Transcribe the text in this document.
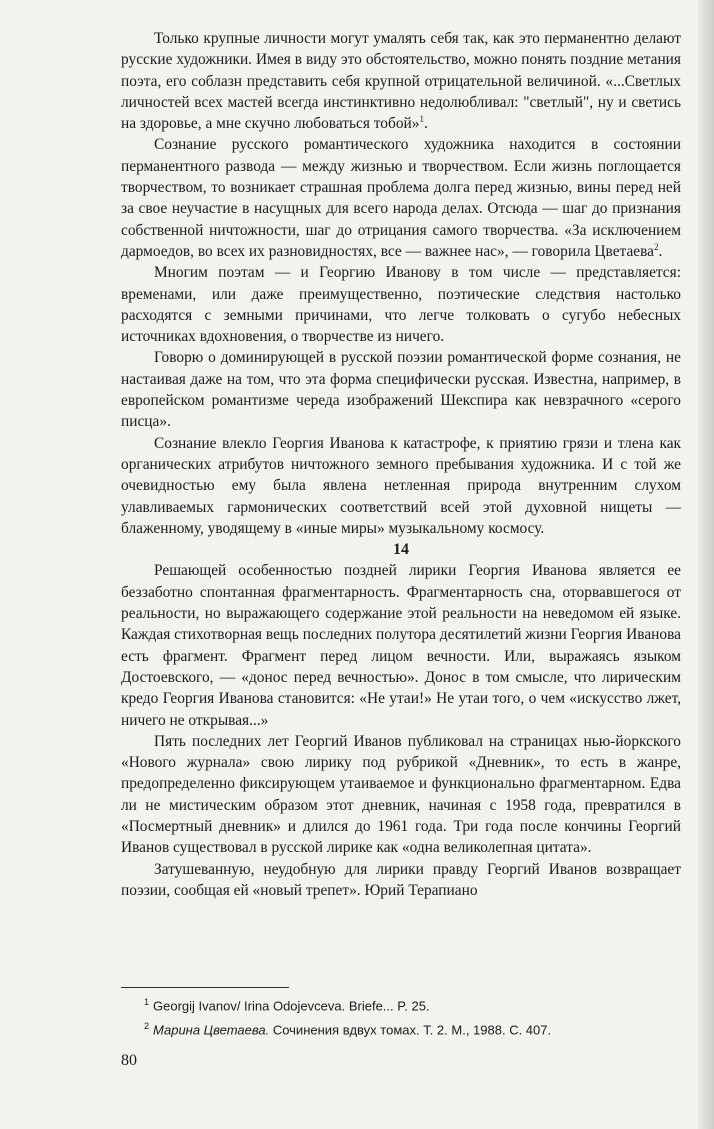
Только крупные личности могут умалять себя так, как это перманентно делают русские художники. Имея в виду это обстоятельство, можно понять поздние метания поэта, его соблазн представить себя крупной отрицательной величиной. «...Светлых личностей всех мастей всегда инстинктивно недолюбливал: "светлый", ну и светись на здоровье, а мне скучно любоваться тобой»$^1$.

Сознание русского романтического художника находится в состоянии перманентного развода — между жизнью и творчеством. Если жизнь поглощается творчеством, то возникает страшная проблема долга перед жизнью, вины перед ней за свое неучастие в насущных для всего народа делах. Отсюда — шаг до признания собственной ничтожности, шаг до отрицания самого творчества. «За исключением дармоедов, во всех их разновидностях, все — важнее нас», — говорила Цветаева$^2$.

Многим поэтам — и Георгию Иванову в том числе — представляется: временами, или даже преимущественно, поэтические следствия настолько расходятся с земными причинами, что легче толковать о сугубо небесных источниках вдохновения, о творчестве из ничего.

Говорю о доминирующей в русской поэзии романтической форме сознания, не настаивая даже на том, что эта форма специфически русская. Известна, например, в европейском романтизме череда изображений Шекспира как невзрачного «серого писца».

Сознание влекло Георгия Иванова к катастрофе, к приятию грязи и тлена как органических атрибутов ничтожного земного пребывания художника. И с той же очевидностью ему была явлена нетленная природа внутренним слухом улавливаемых гармонических соответствий всей этой духовной нищеты — блаженному, уводящему в «иные миры» музыкальному космосу.

14

Решающей особенностью поздней лирики Георгия Иванова является ее беззаботно спонтанная фрагментарность. Фрагментарность сна, оторвавшегося от реальности, но выражающего содержание этой реальности на неведомом ей языке. Каждая стихотворная вещь последних полутора десятилетий жизни Георгия Иванова есть фрагмент. Фрагмент перед лицом вечности. Или, выражаясь языком Достоевского, — «донос перед вечностью». Донос в том смысле, что лирическим кредо Георгия Иванова становится: «Не утаи!» Не утаи того, о чем «искусство лжет, ничего не открывая...»

Пять последних лет Георгий Иванов публиковал на страницах нью-йоркского «Нового журнала» свою лирику под рубрикой «Дневник», то есть в жанре, предопределенно фиксирующем утаиваемое и функционально фрагментарном. Едва ли не мистическим образом этот дневник, начиная с 1958 года, превратился в «Посмертный дневник» и длился до 1961 года. Три года после кончины Георгий Иванов существовал в русской лирике как «одна великолепная цитата».

Затушеванную, неудобную для лирики правду Георгий Иванов возвращает поэзии, сообщая ей «новый трепет». Юрий Терапиано

$^1$ Georgij Ivanov/ Irina Odojevceva. Briefe... P. 25.
$^2$ Марина Цветаева. Сочинения вдвух томах. Т. 2. М., 1988. С. 407.
80
